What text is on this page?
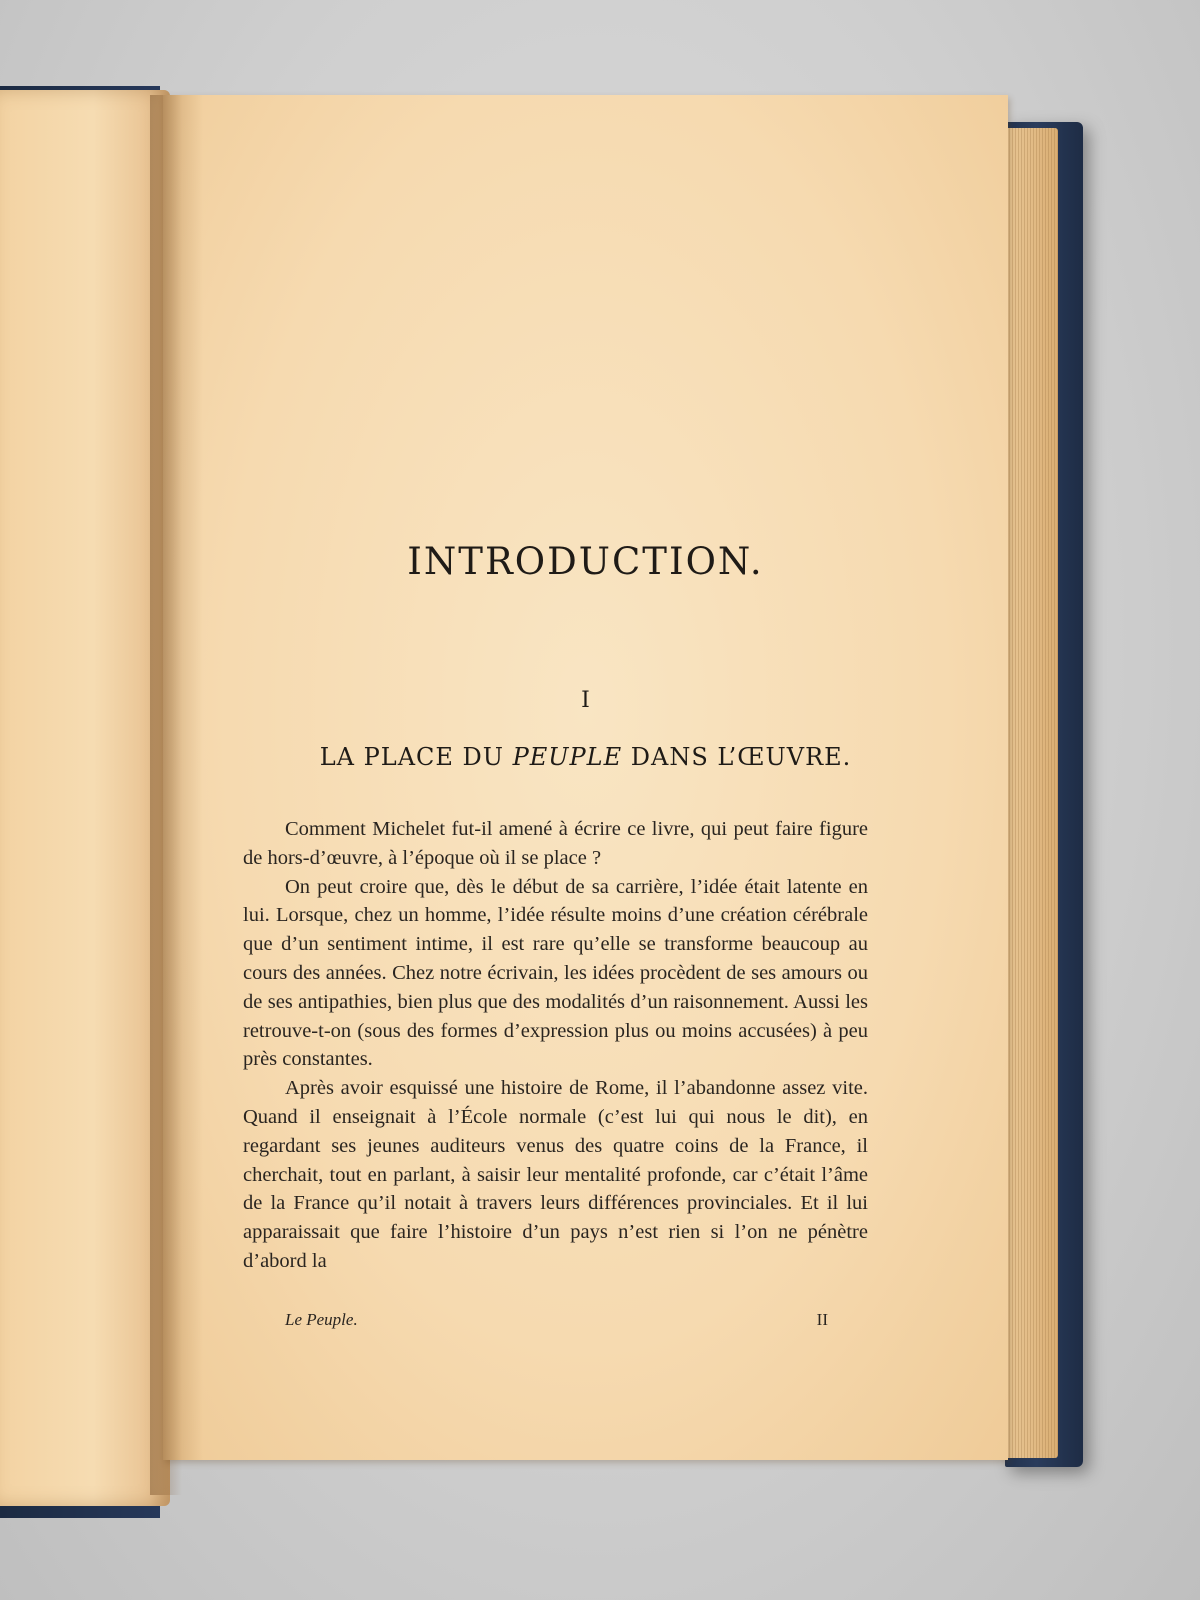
INTRODUCTION.
I
LA PLACE DU PEUPLE DANS L’ŒUVRE.

Comment Michelet fut-il amené à écrire ce livre, qui peut faire figure de hors-d’œuvre, à l’époque où il se place ?

On peut croire que, dès le début de sa carrière, l’idée était latente en lui. Lorsque, chez un homme, l’idée résulte moins d’une création cérébrale que d’un sentiment intime, il est rare qu’elle se transforme beaucoup au cours des années. Chez notre écrivain, les idées procèdent de ses amours ou de ses antipathies, bien plus que des modalités d’un raisonnement. Aussi les retrouve-t-on (sous des formes d’expression plus ou moins accusées) à peu près constantes.

Après avoir esquissé une histoire de Rome, il l’abandonne assez vite. Quand il enseignait à l’École normale (c’est lui qui nous le dit), en regardant ses jeunes auditeurs venus des quatre coins de la France, il cherchait, tout en parlant, à saisir leur mentalité profonde, car c’était l’âme de la France qu’il notait à travers leurs différences provinciales. Et il lui apparaissait que faire l’histoire d’un pays n’est rien si l’on ne pénètre d’abord la

Le Peuple.	II
